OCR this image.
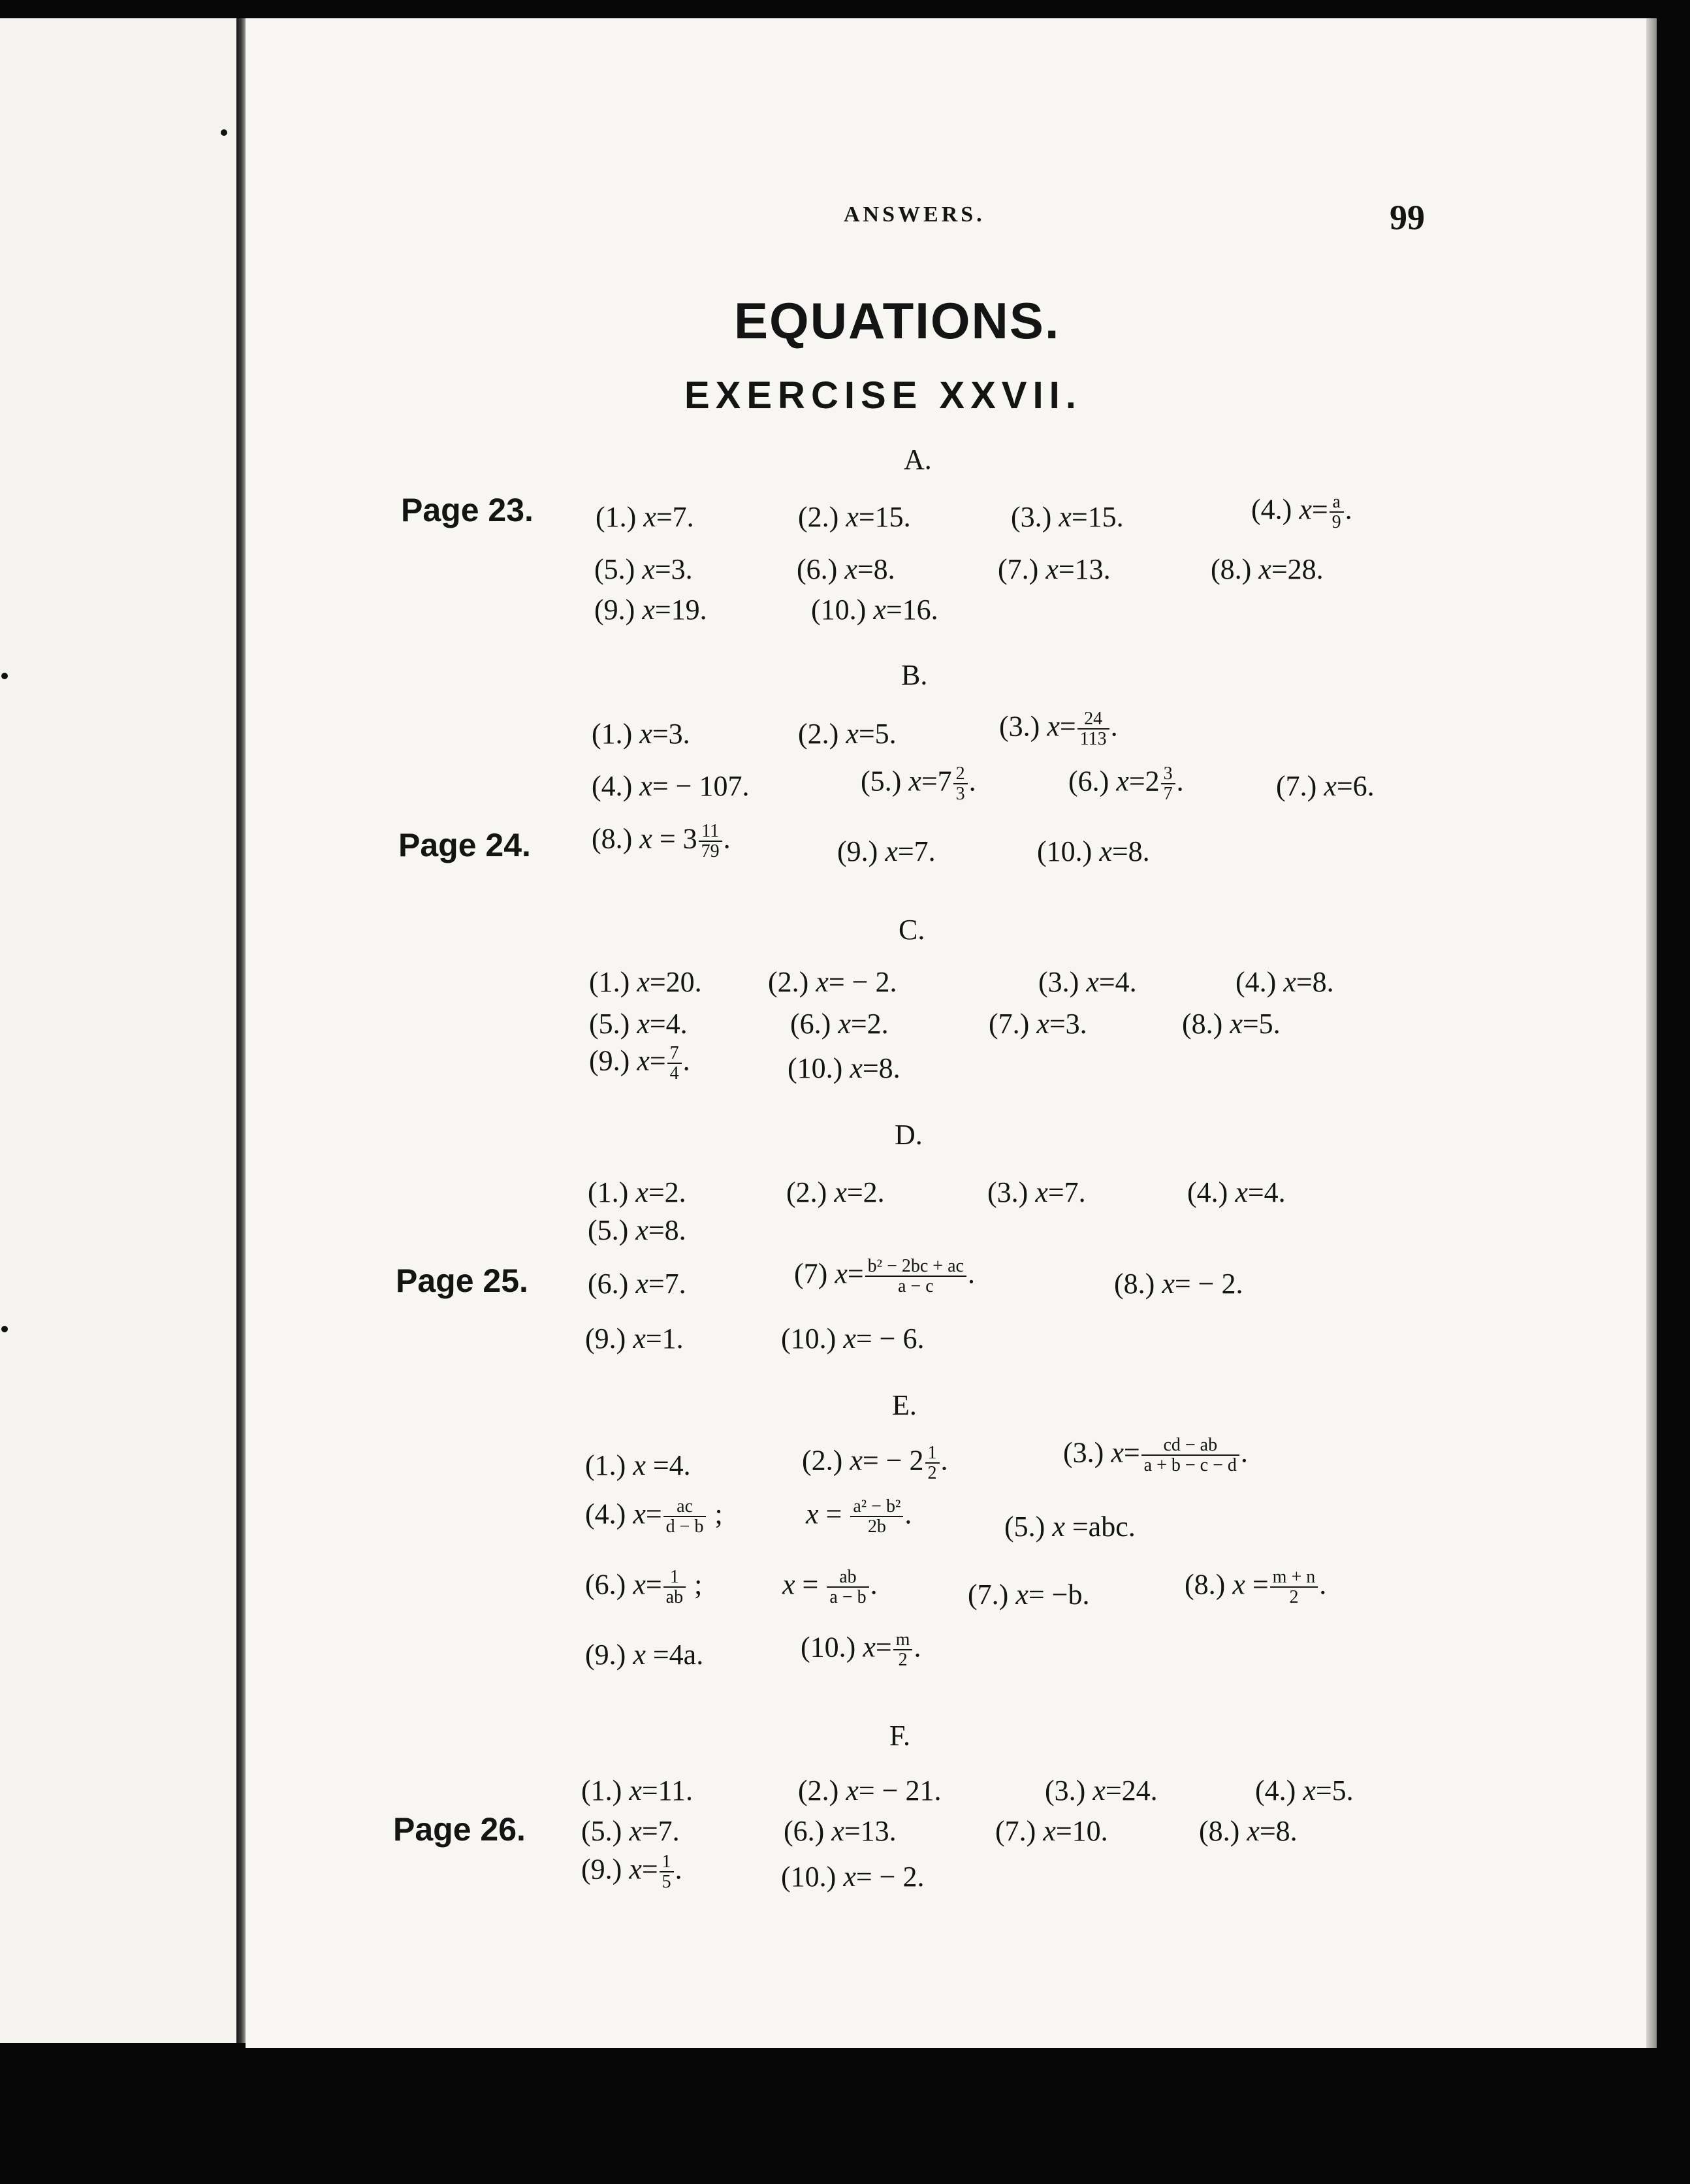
ANSWERS.	99
EQUATIONS.
EXERCISE XXVII.
Page 23.
Page 24.
Page 25.
Page 26.
A.
B.
C.
D.
E.
F.
(1.) x=7.	(2.) x=15.	(3.) x=15.	(4.) $x= \frac{a}{9}$ .
(5.) x=3.	(6.) x=8.	(7.) x=13.	(8.) x=28.
(9.) x=19.	(10.) x=16.
(1.) x=3.	(2.) x=5.	(3.) $x= \frac{24}{113}$ .
(4.) x= − 107.	(5.) $x=7 \frac{2}{3}$ .	(6.) $x=2 \frac{3}{7}$ .	(7.) x=6.
(8.) $x = 3 \frac{11}{79}$ .	(9.) x=7.	(10.) x=8.
(1.) x=20. (2.) x= − 2.	(3.) x=4.	(4.) x=8.
(5.) x=4.	(6.) x=2.	(7.) x=3.	(8.) x=5.
(9.) $x= \frac{7}{4}$ .	(10.) x=8.
(1.) x=2.	(2.) x=2.	(3.) x=7.	(4.) x=4.
(5.) x=8.
(6.) x=7.	(7) $x= \frac{\text{b² − 2bc + ac}}{a - c}$ .	(8.) x= − 2.
(9.) x=1.	(10.) x= − 6.
(1.) x =4.	(2.) $x= - 2 \frac{1}{2}$ .	(3.) $x= \frac{cd - ab}{a + b - c - d}$ .
(4.) $x= \frac{ac}{d - b}$ ;	$x = \frac{\text{a² − b²}}{2b}$ .	(5.) x =abc.
(6.) $x= \frac{1}{ab}$ ;	$x = \frac{ab}{a - b}$ .	(7.) x= −b.	(8.) $x = \frac{m + n}{2}$ .
(9.) x =4a.	(10.) $x= \frac{m}{2}$ .
(1.) x=11.	(2.) x= − 21.	(3.) x=24.	(4.) x=5.
(5.) x=7.	(6.) x=13.	(7.) x=10.	(8.) x=8.
(9.) $x= \frac{1}{5}$ .	(10.) x= − 2.
